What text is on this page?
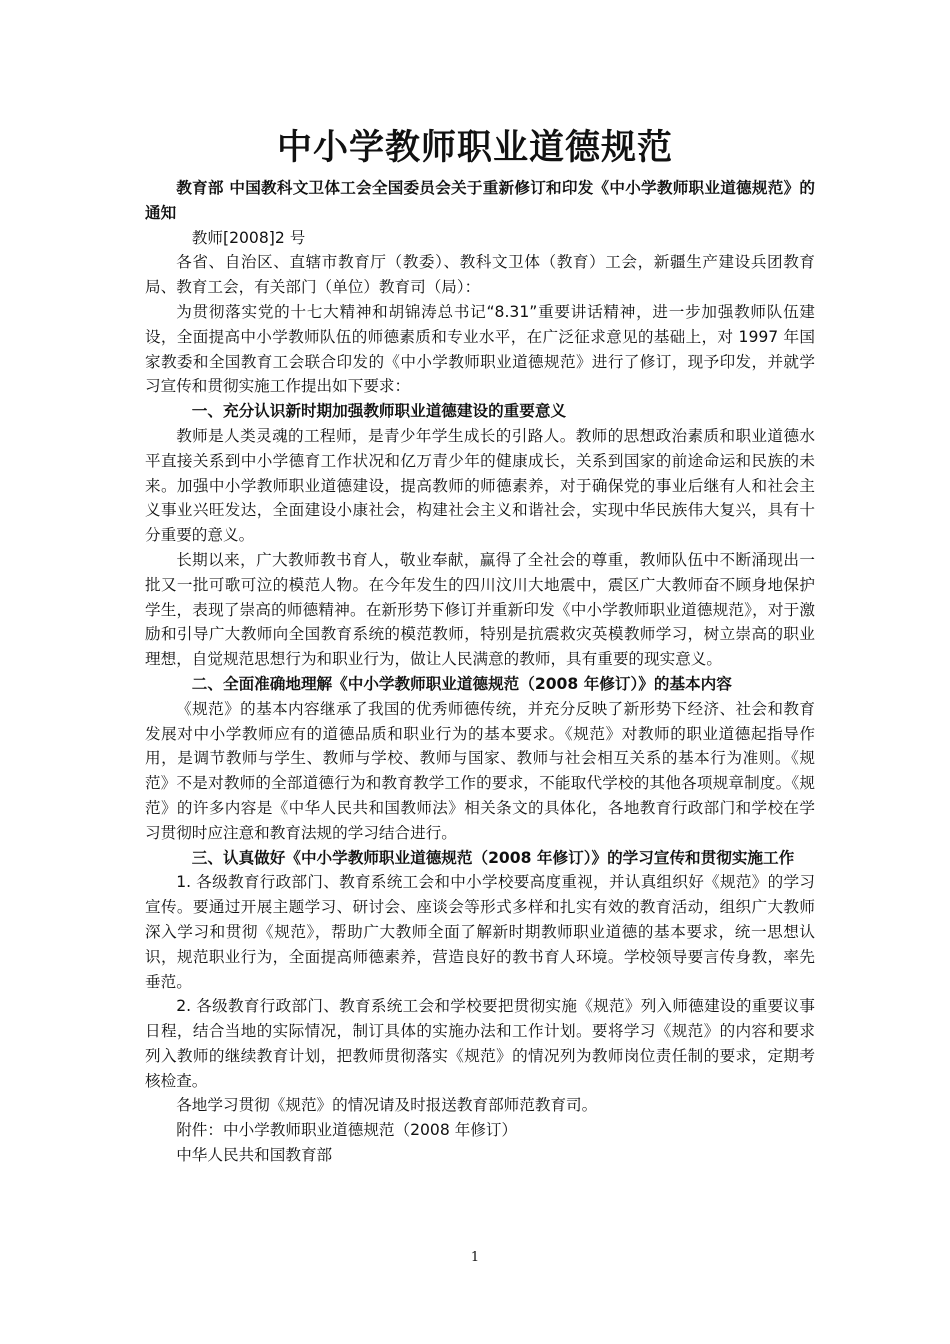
中小学教师职业道德规范

教育部 中国教科文卫体工会全国委员会关于重新修订和印发《中小学教师职业道德规范》的通知

教师[2008]2 号

各省、自治区、直辖市教育厅（教委）、教科文卫体（教育）工会，新疆生产建设兵团教育局、教育工会，有关部门（单位）教育司（局）：

为贯彻落实党的十七大精神和胡锦涛总书记“8.31”重要讲话精神，进一步加强教师队伍建设，全面提高中小学教师队伍的师德素质和专业水平，在广泛征求意见的基础上，对 1997 年国家教委和全国教育工会联合印发的《中小学教师职业道德规范》进行了修订，现予印发，并就学习宣传和贯彻实施工作提出如下要求：

一、充分认识新时期加强教师职业道德建设的重要意义

教师是人类灵魂的工程师，是青少年学生成长的引路人。教师的思想政治素质和职业道德水平直接关系到中小学德育工作状况和亿万青少年的健康成长，关系到国家的前途命运和民族的未来。加强中小学教师职业道德建设，提高教师的师德素养，对于确保党的事业后继有人和社会主义事业兴旺发达，全面建设小康社会，构建社会主义和谐社会，实现中华民族伟大复兴，具有十分重要的意义。

长期以来，广大教师教书育人，敬业奉献，赢得了全社会的尊重，教师队伍中不断涌现出一批又一批可歌可泣的模范人物。在今年发生的四川汶川大地震中，震区广大教师奋不顾身地保护学生，表现了崇高的师德精神。在新形势下修订并重新印发《中小学教师职业道德规范》，对于激励和引导广大教师向全国教育系统的模范教师，特别是抗震救灾英模教师学习，树立崇高的职业理想，自觉规范思想行为和职业行为，做让人民满意的教师，具有重要的现实意义。

二、全面准确地理解《中小学教师职业道德规范（2008 年修订）》的基本内容

《规范》的基本内容继承了我国的优秀师德传统，并充分反映了新形势下经济、社会和教育发展对中小学教师应有的道德品质和职业行为的基本要求。《规范》对教师的职业道德起指导作用，是调节教师与学生、教师与学校、教师与国家、教师与社会相互关系的基本行为准则。《规范》不是对教师的全部道德行为和教育教学工作的要求，不能取代学校的其他各项规章制度。《规范》的许多内容是《中华人民共和国教师法》相关条文的具体化，各地教育行政部门和学校在学习贯彻时应注意和教育法规的学习结合进行。

三、认真做好《中小学教师职业道德规范（2008 年修订）》的学习宣传和贯彻实施工作

1. 各级教育行政部门、教育系统工会和中小学校要高度重视，并认真组织好《规范》的学习宣传。要通过开展主题学习、研讨会、座谈会等形式多样和扎实有效的教育活动，组织广大教师深入学习和贯彻《规范》，帮助广大教师全面了解新时期教师职业道德的基本要求，统一思想认识，规范职业行为，全面提高师德素养，营造良好的教书育人环境。学校领导要言传身教，率先垂范。

2. 各级教育行政部门、教育系统工会和学校要把贯彻实施《规范》列入师德建设的重要议事日程，结合当地的实际情况，制订具体的实施办法和工作计划。要将学习《规范》的内容和要求列入教师的继续教育计划，把教师贯彻落实《规范》的情况列为教师岗位责任制的要求，定期考核检查。

各地学习贯彻《规范》的情况请及时报送教育部师范教育司。

附件：中小学教师职业道德规范（2008 年修订）

中华人民共和国教育部

1
